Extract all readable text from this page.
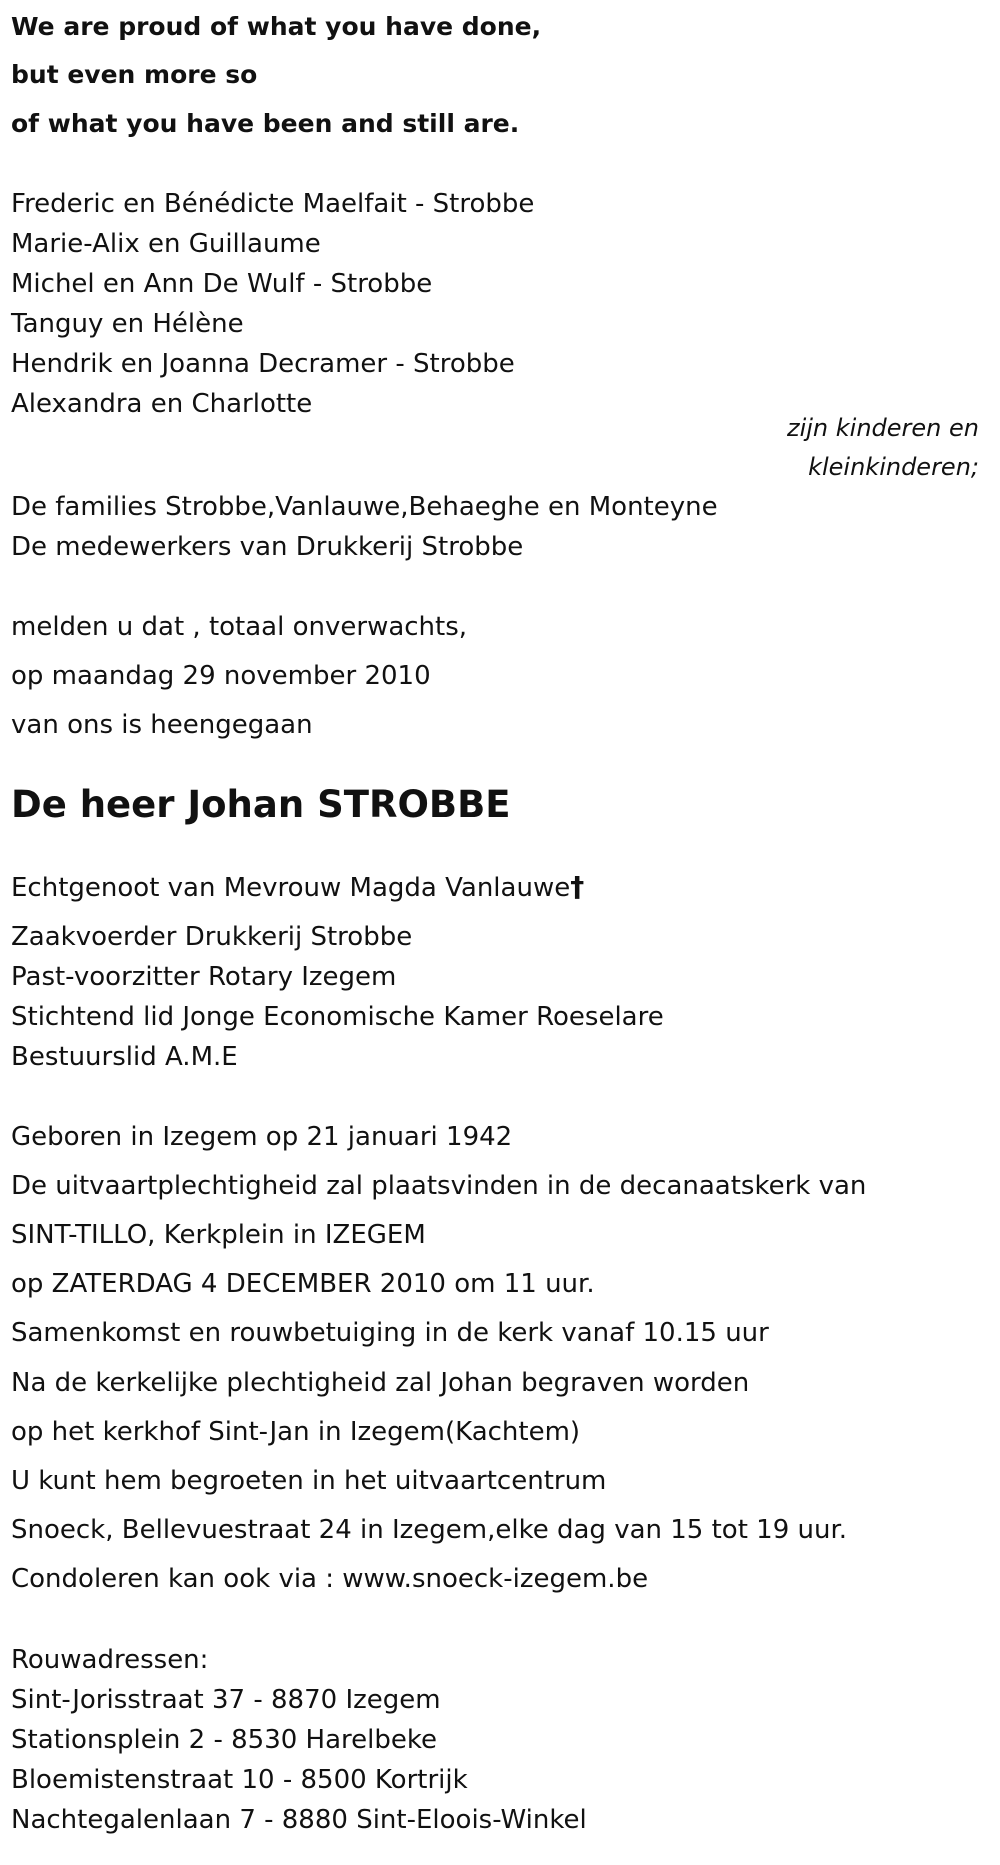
We are proud of what you have done,
but even more so
of what you have been and still are.
Frederic en Bénédicte Maelfait - Strobbe
Marie-Alix en Guillaume
Michel en Ann De Wulf - Strobbe
Tanguy en Hélène
Hendrik en Joanna Decramer - Strobbe
Alexandra en Charlotte
zijn kinderen en
kleinkinderen;
De families Strobbe,Vanlauwe,Behaeghe en Monteyne
De medewerkers van Drukkerij Strobbe
melden u dat , totaal onverwachts,
op maandag 29 november 2010
van ons is heengegaan
De heer Johan STROBBE
Echtgenoot van Mevrouw Magda Vanlauwe†
Zaakvoerder Drukkerij Strobbe
Past-voorzitter Rotary Izegem
Stichtend lid Jonge Economische Kamer Roeselare
Bestuurslid A.M.E
Geboren in Izegem op 21 januari 1942
De uitvaartplechtigheid zal plaatsvinden in de decanaatskerk van
SINT-TILLO, Kerkplein in IZEGEM
op ZATERDAG 4 DECEMBER 2010 om 11 uur.
Samenkomst en rouwbetuiging in de kerk vanaf 10.15 uur
Na de kerkelijke plechtigheid zal Johan begraven worden
op het kerkhof Sint-Jan in Izegem(Kachtem)
U kunt hem begroeten in het uitvaartcentrum
Snoeck, Bellevuestraat 24 in Izegem,elke dag van 15 tot 19 uur.
Condoleren kan ook via : www.snoeck-izegem.be
Rouwadressen:
Sint-Jorisstraat 37 - 8870 Izegem
Stationsplein 2 - 8530 Harelbeke
Bloemistenstraat 10 - 8500 Kortrijk
Nachtegalenlaan 7 - 8880 Sint-Eloois-Winkel
